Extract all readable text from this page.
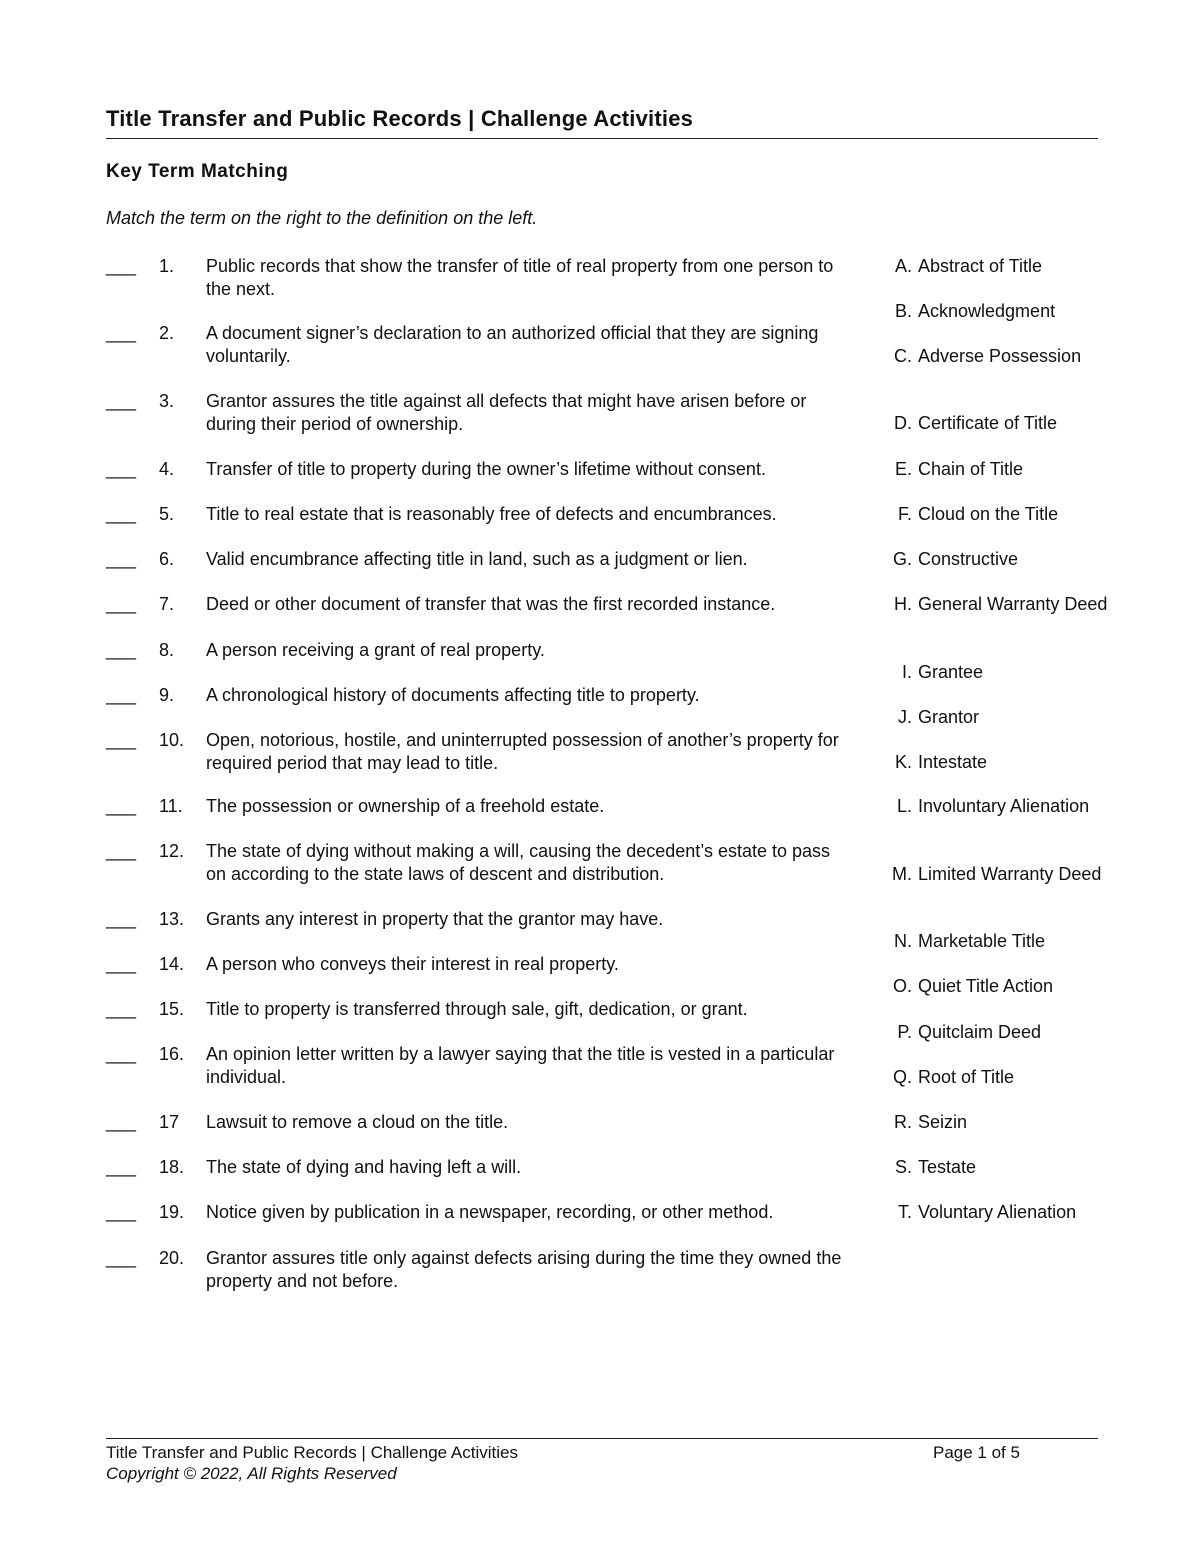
Title Transfer and Public Records | Challenge Activities
Key Term Matching
Match the term on the right to the definition on the left.
___ 1. Public records that show the transfer of title of real property from one person to the next.
___ 2. A document signer’s declaration to an authorized official that they are signing voluntarily.
___ 3. Grantor assures the title against all defects that might have arisen before or during their period of ownership.
___ 4. Transfer of title to property during the owner’s lifetime without consent.
___ 5. Title to real estate that is reasonably free of defects and encumbrances.
___ 6. Valid encumbrance affecting title in land, such as a judgment or lien.
___ 7. Deed or other document of transfer that was the first recorded instance.
___ 8. A person receiving a grant of real property.
___ 9. A chronological history of documents affecting title to property.
___ 10. Open, notorious, hostile, and uninterrupted possession of another’s property for required period that may lead to title.
___ 11. The possession or ownership of a freehold estate.
___ 12. The state of dying without making a will, causing the decedent’s estate to pass on according to the state laws of descent and distribution.
___ 13. Grants any interest in property that the grantor may have.
___ 14. A person who conveys their interest in real property.
___ 15. Title to property is transferred through sale, gift, dedication, or grant.
___ 16. An opinion letter written by a lawyer saying that the title is vested in a particular individual.
___ 17 Lawsuit to remove a cloud on the title.
___ 18. The state of dying and having left a will.
___ 19. Notice given by publication in a newspaper, recording, or other method.
___ 20. Grantor assures title only against defects arising during the time they owned the property and not before.
A. Abstract of Title
B. Acknowledgment
C. Adverse Possession
D. Certificate of Title
E. Chain of Title
F. Cloud on the Title
G. Constructive
H. General Warranty Deed
I. Grantee
J. Grantor
K. Intestate
L. Involuntary Alienation
M. Limited Warranty Deed
N. Marketable Title
O. Quiet Title Action
P. Quitclaim Deed
Q. Root of Title
R. Seizin
S. Testate
T. Voluntary Alienation
Title Transfer and Public Records | Challenge Activities
Copyright © 2022, All Rights Reserved
Page 1 of 5
